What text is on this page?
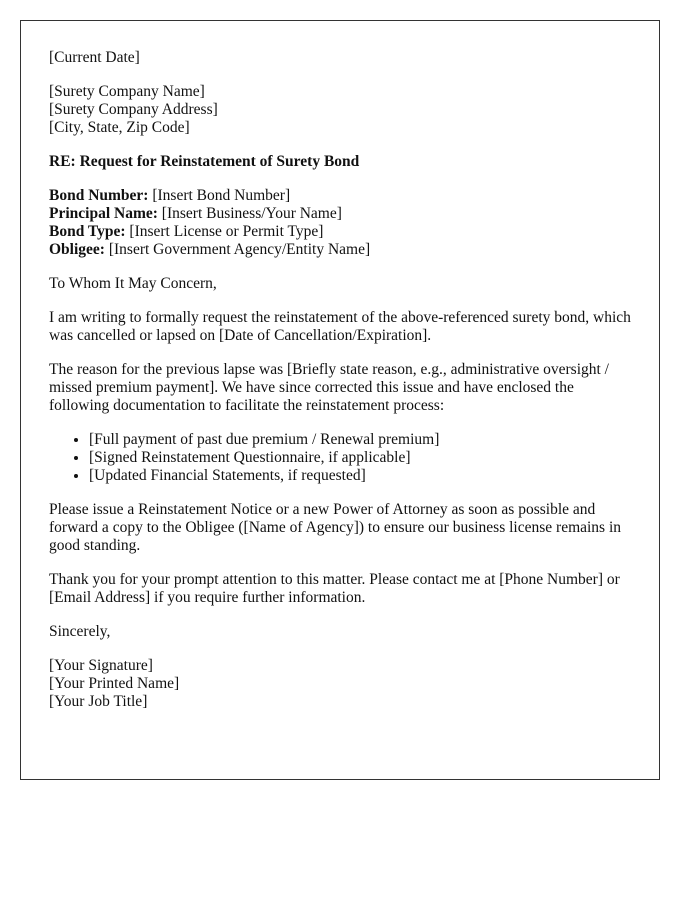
[Current Date]
[Surety Company Name]
[Surety Company Address]
[City, State, Zip Code]
RE: Request for Reinstatement of Surety Bond
Bond Number: [Insert Bond Number]
Principal Name: [Insert Business/Your Name]
Bond Type: [Insert License or Permit Type]
Obligee: [Insert Government Agency/Entity Name]

To Whom It May Concern,

I am writing to formally request the reinstatement of the above-referenced surety bond, which was cancelled or lapsed on [Date of Cancellation/Expiration].

The reason for the previous lapse was [Briefly state reason, e.g., administrative oversight / missed premium payment]. We have since corrected this issue and have enclosed the following documentation to facilitate the reinstatement process:

• [Full payment of past due premium / Renewal premium]
• [Signed Reinstatement Questionnaire, if applicable]
• [Updated Financial Statements, if requested]

Please issue a Reinstatement Notice or a new Power of Attorney as soon as possible and forward a copy to the Obligee ([Name of Agency]) to ensure our business license remains in good standing.

Thank you for your prompt attention to this matter. Please contact me at [Phone Number] or [Email Address] if you require further information.

Sincerely,

[Your Signature]
[Your Printed Name]
[Your Job Title]
